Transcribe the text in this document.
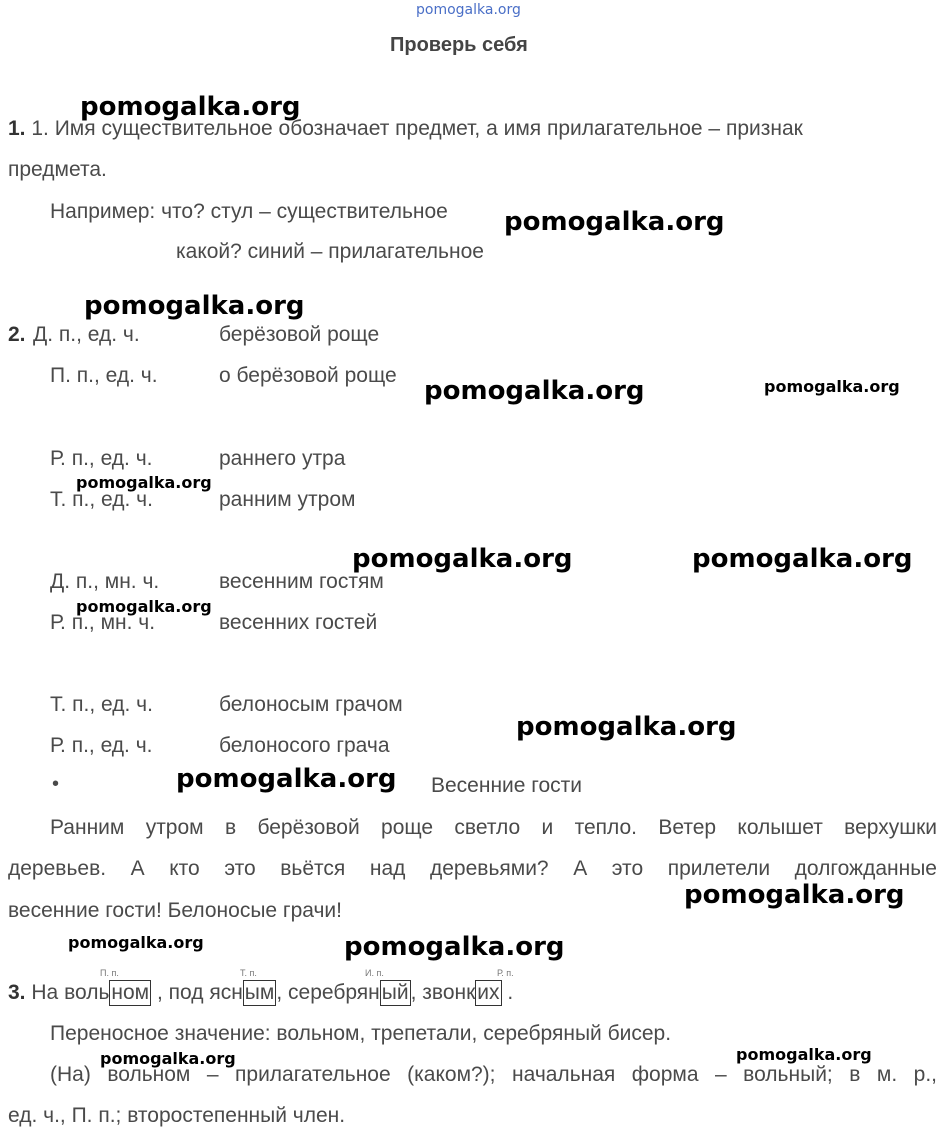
pomogalka.org
Проверь себя
1. 1. Имя существительное обозначает предмет, а имя прилагательное – признак
предмета.
Например: что? стул – существительное
какой? синий – прилагательное
2. Д. п., ед. ч.	берёзовой роще
П. п., ед. ч.	о берёзовой роще
Р. п., ед. ч.	раннего утра
Т. п., ед. ч.	ранним утром
Д. п., мн. ч.	весенним гостям
Р. п., мн. ч.	весенних гостей
Т. п., ед. ч.	белоносым грачом
Р. п., ед. ч.	белоносого грача
•	Весенние гости
Ранним утром в берёзовой роще светло и тепло. Ветер колышет верхушки
деревьев. А кто это вьётся над деревьями? А это прилетели долгожданные
весенние гости! Белоносые грачи!
3. На вольном , под ясным, серебряный, звонких .
П. п.	Т. п.	И. п.	Р. п.
Переносное значение: вольном, трепетали, серебряный бисер.
(На) вольном – прилагательное (каком?); начальная форма – вольный; в м. р.,
ед. ч., П. п.; второстепенный член.
pomogalka.org
pomogalka.org
pomogalka.org
pomogalka.org	pomogalka.org
pomogalka.org
pomogalka.org	pomogalka.org
pomogalka.org
pomogalka.org
pomogalka.org
pomogalka.org
pomogalka.org	pomogalka.org
pomogalka.org
pomogalka.org
